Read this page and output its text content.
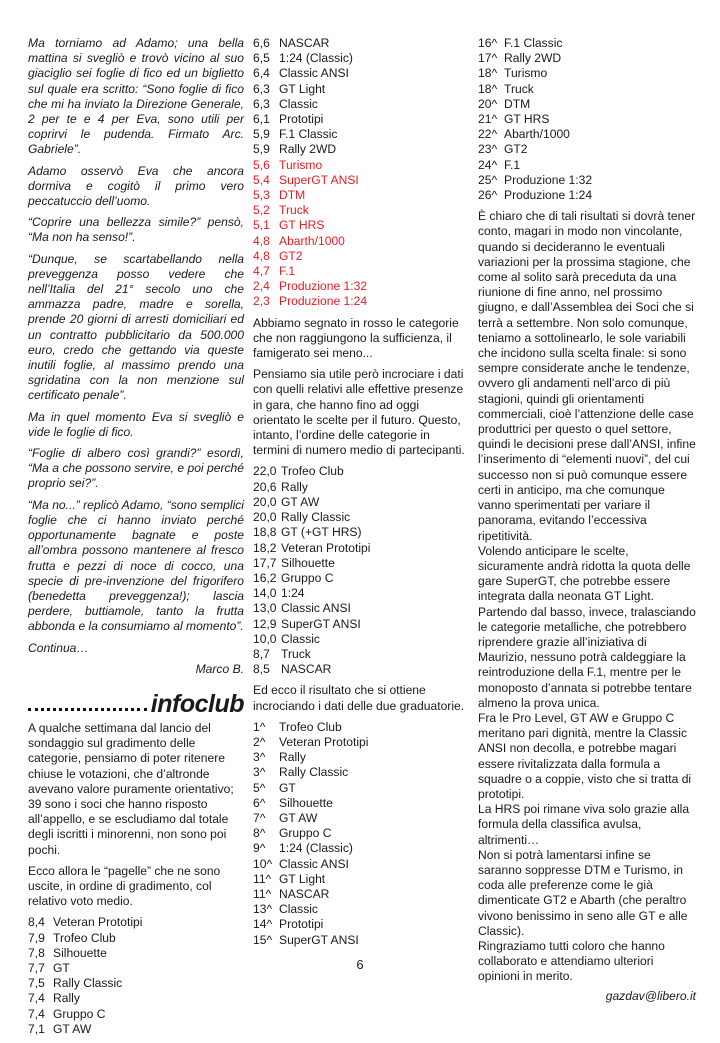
Ma torniamo ad Adamo; una bella mattina si svegliò e trovò vicino al suo giaciglio sei foglie di fico ed un biglietto sul quale era scritto: “Sono foglie di fico che mi ha inviato la Direzione Generale, 2 per te e 4 per Eva, sono utili per coprirvi le pudenda. Firmato Arc. Gabriele”.

Adamo osservò Eva che ancora dormiva e cogitò il primo vero peccatuccio dell’uomo.

“Coprire una bellezza simile?” pensò, “Ma non ha senso!”.

“Dunque, se scartabellando nella preveggenza posso vedere che nell’Italia del 21° secolo uno che ammazza padre, madre e sorella, prende 20 giorni di arresti domiciliari ed un contratto pubblicitario da 500.000 euro, credo che gettando via queste inutili foglie, al massimo prendo una sgridatina con la non menzione sul certificato penale”.

Ma in quel momento Eva si svegliò e vide le foglie di fico.

“Foglie di albero così grandi?” esordì, “Ma a che possono servire, e poi perché proprio sei?”.

“Ma no...” replicò Adamo, “sono semplici foglie che ci hanno inviato perché opportunamente bagnate e poste all’ombra possono mantenere al fresco frutta e pezzi di noce di cocco, una specie di pre-invenzione del frigorifero (benedetta preveggenza!); lascia perdere, buttiamole, tanto la frutta abbonda e la consumiamo al momento”.

Continua…

Marco B.

infoclub

A qualche settimana dal lancio del sondaggio sul gradimento delle categorie, pensiamo di poter ritenere chiuse le votazioni, che d’altronde avevano valore puramente orientativo; 39 sono i soci che hanno risposto all’appello, e se escludiamo dal totale degli iscritti i minorenni, non sono poi pochi.

Ecco allora le “pagelle” che ne sono uscite, in ordine di gradimento, col relativo voto medio.

8,4 Veteran Prototipi
7,9 Trofeo Club
7,8 Silhouette
7,7 GT
7,5 Rally Classic
7,4 Rally
7,4 Gruppo C
7,1 GT AW
6,6 NASCAR
6,5 1:24 (Classic)
6,4 Classic ANSI
6,3 GT Light
6,3 Classic
6,1 Prototipi
5,9 F.1 Classic
5,9 Rally 2WD
5,6 Turismo
5,4 SuperGT ANSI
5,3 DTM
5,2 Truck
5,1 GT HRS
4,8 Abarth/1000
4,8 GT2
4,7 F.1
2,4 Produzione 1:32
2,3 Produzione 1:24

Abbiamo segnato in rosso le categorie che non raggiungono la sufficienza, il famigerato sei meno...

Pensiamo sia utile però incrociare i dati con quelli relativi alle effettive presenze in gara, che hanno fino ad oggi orientato le scelte per il futuro. Questo, intanto, l’ordine delle categorie in termini di numero medio di partecipanti.

22,0 Trofeo Club
20,6 Rally
20,0 GT AW
20,0 Rally Classic
18,8 GT (+GT HRS)
18,2 Veteran Prototipi
17,7 Silhouette
16,2 Gruppo C
14,0 1:24
13,0 Classic ANSI
12,9 SuperGT ANSI
10,0 Classic
8,7 Truck
8,5 NASCAR

Ed ecco il risultato che si ottiene incrociando i dati delle due graduatorie.

1^	Trofeo Club
2^	Veteran Prototipi
3^	Rally
3^	Rally Classic
5^	GT
6^	Silhouette
7^	GT AW
8^	Gruppo C
9^	1:24 (Classic)
10^ Classic ANSI
11^ GT Light
11^ NASCAR
13^ Classic
14^ Prototipi
15^ SuperGT ANSI
16^ F.1 Classic
17^ Rally 2WD
18^ Turismo
18^ Truck
20^ DTM
21^ GT HRS
22^ Abarth/1000
23^ GT2
24^ F.1
25^ Produzione 1:32
26^ Produzione 1:24

È chiaro che di tali risultati si dovrà tener conto, magari in modo non vincolante, quando si decideranno le eventuali variazioni per la prossima stagione, che come al solito sarà preceduta da una riunione di fine anno, nel prossimo giugno, e dall’Assemblea dei Soci che si terrà a settembre. Non solo comunque, teniamo a sottolinearlo, le sole variabili che incidono sulla scelta finale: si sono sempre considerate anche le tendenze, ovvero gli andamenti nell’arco di più stagioni, quindi gli orientamenti commerciali, cioè l’attenzione delle case produttrici per questo o quel settore, quindi le decisioni prese dall’ANSI, infine l’inserimento di “elementi nuovi”, del cui successo non si può comunque essere certi in anticipo, ma che comunque vanno sperimentati per variare il panorama, evitando l’eccessiva ripetitività.

Volendo anticipare le scelte, sicuramente andrà ridotta la quota delle gare SuperGT, che potrebbe essere integrata dalla neonata GT Light. Partendo dal basso, invece, tralasciando le categorie metalliche, che potrebbero riprendere grazie all’iniziativa di Maurizio, nessuno potrà caldeggiare la reintroduzione della F.1, mentre per le monoposto d’annata si potrebbe tentare almeno la prova unica.

Fra le Pro Level, GT AW e Gruppo C meritano pari dignità, mentre la Classic ANSI non decolla, e potrebbe magari essere rivitalizzata dalla formula a squadre o a coppie, visto che si tratta di prototipi.

La HRS poi rimane viva solo grazie alla formula della classifica avulsa, altrimenti…

Non si potrà lamentarsi infine se saranno soppresse DTM e Turismo, in coda alle preferenze come le già dimenticate GT2 e Abarth (che peraltro vivono benissimo in seno alle GT e alle Classic).

Ringraziamo tutti coloro che hanno collaborato e attendiamo ulteriori opinioni in merito.

gazdav@libero.it

6
